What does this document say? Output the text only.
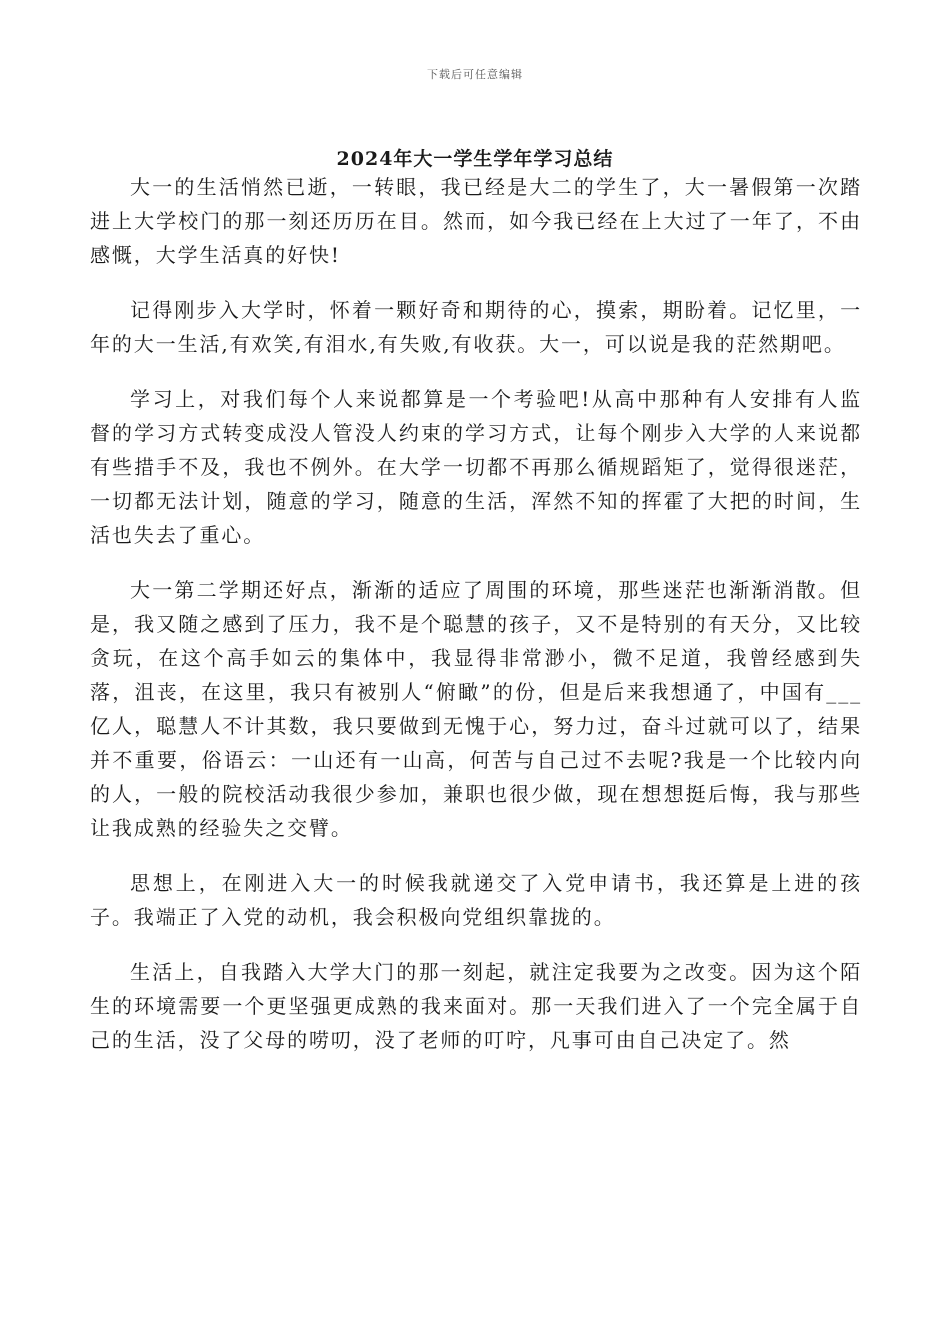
下载后可任意编辑
2024年大一学生学年学习总结

大一的生活悄然已逝，一转眼，我已经是大二的学生了，大一暑假第一次踏进上大学校门的那一刻还历历在目。然而，如今我已经在上大过了一年了，不由感慨，大学生活真的好快!

记得刚步入大学时，怀着一颗好奇和期待的心，摸索，期盼着。记忆里，一年的大一生活,有欢笑,有泪水,有失败,有收获。大一，可以说是我的茫然期吧。

学习上，对我们每个人来说都算是一个考验吧!从高中那种有人安排有人监督的学习方式转变成没人管没人约束的学习方式，让每个刚步入大学的人来说都有些措手不及，我也不例外。在大学一切都不再那么循规蹈矩了，觉得很迷茫，一切都无法计划，随意的学习，随意的生活，浑然不知的挥霍了大把的时间，生活也失去了重心。

大一第二学期还好点，渐渐的适应了周围的环境，那些迷茫也渐渐消散。但是，我又随之感到了压力，我不是个聪慧的孩子，又不是特别的有天分，又比较贪玩，在这个高手如云的集体中，我显得非常渺小，微不足道，我曾经感到失落，沮丧，在这里，我只有被别人“俯瞰”的份，但是后来我想通了，中国有___亿人，聪慧人不计其数，我只要做到无愧于心，努力过，奋斗过就可以了，结果并不重要，俗语云：一山还有一山高，何苦与自己过不去呢?我是一个比较内向的人，一般的院校活动我很少参加，兼职也很少做，现在想想挺后悔，我与那些让我成熟的经验失之交臂。

思想上，在刚进入大一的时候我就递交了入党申请书，我还算是上进的孩子。我端正了入党的动机，我会积极向党组织靠拢的。

生活上，自我踏入大学大门的那一刻起，就注定我要为之改变。因为这个陌生的环境需要一个更坚强更成熟的我来面对。那一天我们进入了一个完全属于自己的生活，没了父母的唠叨，没了老师的叮咛，凡事可由自己决定了。然
